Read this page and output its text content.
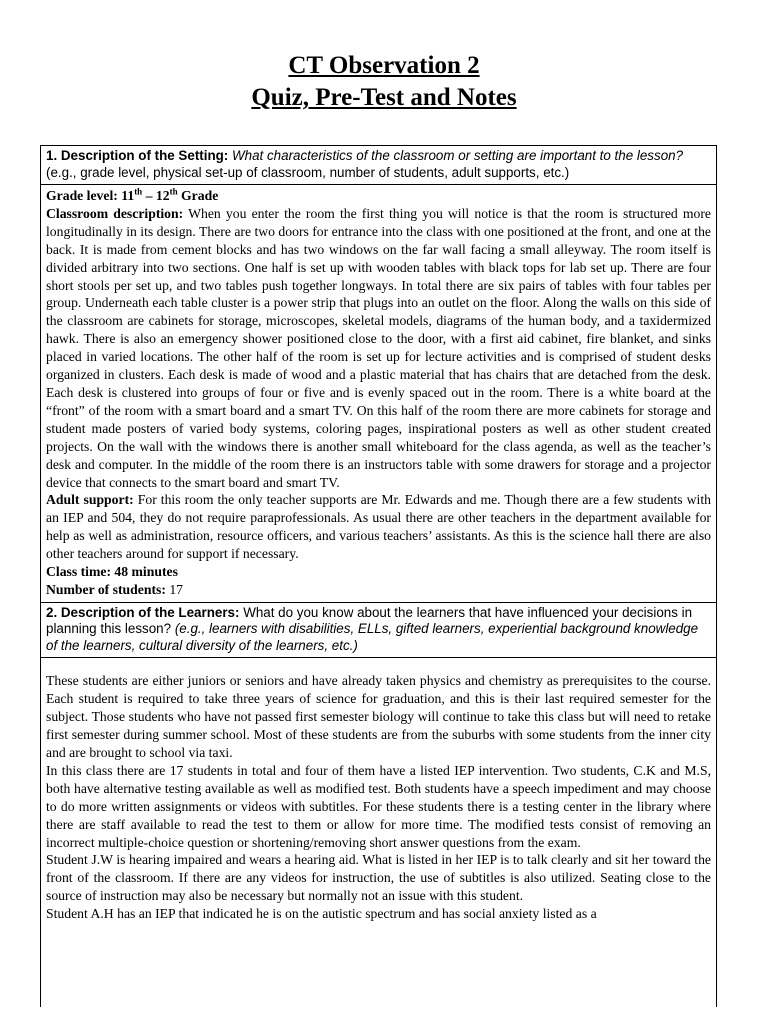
CT Observation 2
Quiz, Pre-Test and Notes
1. Description of the Setting: What characteristics of the classroom or setting are important to the lesson? (e.g., grade level, physical set-up of classroom, number of students, adult supports, etc.)

Grade level: 11th – 12th Grade

Classroom description: When you enter the room the first thing you will notice is that the room is structured more longitudinally in its design. There are two doors for entrance into the class with one positioned at the front, and one at the back. It is made from cement blocks and has two windows on the far wall facing a small alleyway. The room itself is divided arbitrary into two sections. One half is set up with wooden tables with black tops for lab set up. There are four short stools per set up, and two tables push together longways. In total there are six pairs of tables with four tables per group. Underneath each table cluster is a power strip that plugs into an outlet on the floor. Along the walls on this side of the classroom are cabinets for storage, microscopes, skeletal models, diagrams of the human body, and a taxidermized hawk. There is also an emergency shower positioned close to the door, with a first aid cabinet, fire blanket, and sinks placed in varied locations. The other half of the room is set up for lecture activities and is comprised of student desks organized in clusters. Each desk is made of wood and a plastic material that has chairs that are detached from the desk. Each desk is clustered into groups of four or five and is evenly spaced out in the room. There is a white board at the “front” of the room with a smart board and a smart TV. On this half of the room there are more cabinets for storage and student made posters of varied body systems, coloring pages, inspirational posters as well as other student created projects. On the wall with the windows there is another small whiteboard for the class agenda, as well as the teacher’s desk and computer. In the middle of the room there is an instructors table with some drawers for storage and a projector device that connects to the smart board and smart TV.

Adult support: For this room the only teacher supports are Mr. Edwards and me. Though there are a few students with an IEP and 504, they do not require paraprofessionals. As usual there are other teachers in the department available for help as well as administration, resource officers, and various teachers’ assistants. As this is the science hall there are also other teachers around for support if necessary.

Class time: 48 minutes

Number of students: 17

2. Description of the Learners: What do you know about the learners that have influenced your decisions in planning this lesson? (e.g., learners with disabilities, ELLs, gifted learners, experiential background knowledge of the learners, cultural diversity of the learners, etc.)

These students are either juniors or seniors and have already taken physics and chemistry as prerequisites to the course. Each student is required to take three years of science for graduation, and this is their last required semester for the subject. Those students who have not passed first semester biology will continue to take this class but will need to retake first semester during summer school. Most of these students are from the suburbs with some students from the inner city and are brought to school via taxi.

In this class there are 17 students in total and four of them have a listed IEP intervention. Two students, C.K and M.S, both have alternative testing available as well as modified test. Both students have a speech impediment and may choose to do more written assignments or videos with subtitles. For these students there is a testing center in the library where there are staff available to read the test to them or allow for more time. The modified tests consist of removing an incorrect multiple-choice question or shortening/removing short answer questions from the exam.

Student J.W is hearing impaired and wears a hearing aid. What is listed in her IEP is to talk clearly and sit her toward the front of the classroom. If there are any videos for instruction, the use of subtitles is also utilized. Seating close to the source of instruction may also be necessary but normally not an issue with this student.

Student A.H has an IEP that indicated he is on the autistic spectrum and has social anxiety listed as a
